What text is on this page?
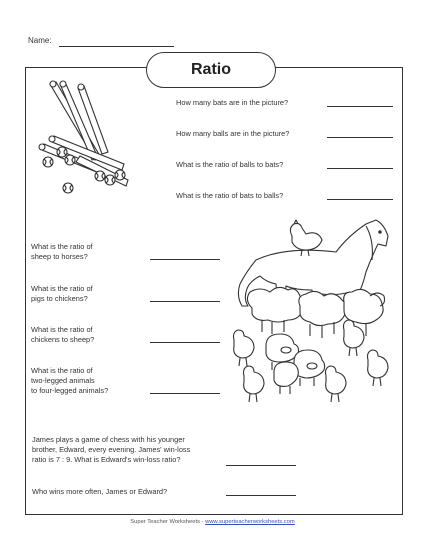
Name:
Ratio
How many bats are in the picture?
How many balls are in the picture?
What is the ratio of balls to bats?
What is the ratio of bats to balls?
What is the ratio of
sheep to horses?
What is the ratio of
pigs to chickens?
What is the ratio of
chickens to sheep?
What is the ratio of
two-legged animals
to four-legged animals?
James plays a game of chess with his younger
brother, Edward, every evening. James' win-loss
ratio is 7 : 9. What is Edward's win-loss ratio?
Who wins more often, James or Edward?
Super Teacher Worksheets - www.superteacherworksheets.com
